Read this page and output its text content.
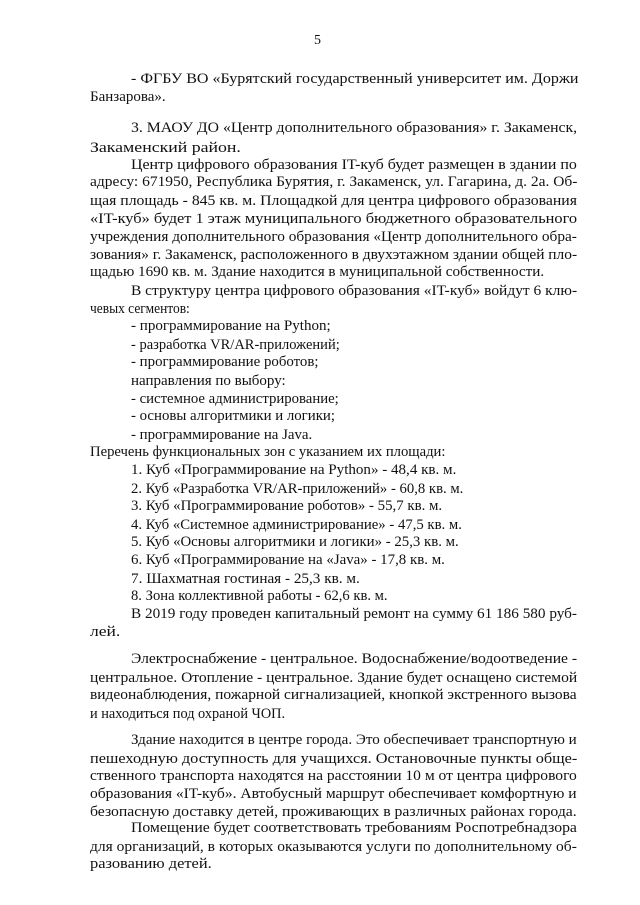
5
- ФГБУ ВО «Бурятский государственный университет им. Доржи
Банзарова».
3. МАОУ ДО «Центр дополнительного образования» г. Закаменск,
Закаменский район.
Центр цифрового образования IT-куб будет размещен в здании по
адресу: 671950, Республика Бурятия, г. Закаменск, ул. Гагарина, д. 2а. Об-
щая площадь - 845 кв. м. Площадкой для центра цифрового образования
«IT-куб» будет 1 этаж муниципального бюджетного образовательного
учреждения дополнительного образования «Центр дополнительного обра-
зования» г. Закаменск, расположенного в двухэтажном здании общей пло-
щадью 1690 кв. м. Здание находится в муниципальной собственности.
В структуру центра цифрового образования «IT-куб» войдут 6 клю-
чевых сегментов:
- программирование на Python;
- разработка VR/AR-приложений;
- программирование роботов;
направления по выбору:
- системное администрирование;
- основы алгоритмики и логики;
- программирование на Java.
Перечень функциональных зон с указанием их площади:
1. Куб «Программирование на Python» - 48,4 кв. м.
2. Куб «Разработка VR/AR-приложений» - 60,8 кв. м.
3. Куб «Программирование роботов» - 55,7 кв. м.
4. Куб «Системное администрирование» - 47,5 кв. м.
5. Куб «Основы алгоритмики и логики» - 25,3 кв. м.
6. Куб «Программирование на «Java» - 17,8 кв. м.
7. Шахматная гостиная - 25,3 кв. м.
8. Зона коллективной работы - 62,6 кв. м.
В 2019 году проведен капитальный ремонт на сумму 61 186 580 руб-
лей.
Электроснабжение - центральное. Водоснабжение/водоотведение -
центральное. Отопление - центральное. Здание будет оснащено системой
видеонаблюдения, пожарной сигнализацией, кнопкой экстренного вызова
и находиться под охраной ЧОП.
Здание находится в центре города. Это обеспечивает транспортную и
пешеходную доступность для учащихся. Остановочные пункты обще-
ственного транспорта находятся на расстоянии 10 м от центра цифрового
образования «IT-куб». Автобусный маршрут обеспечивает комфортную и
безопасную доставку детей, проживающих в различных районах города.
Помещение будет соответствовать требованиям Роспотребнадзора
для организаций, в которых оказываются услуги по дополнительному об-
разованию детей.
